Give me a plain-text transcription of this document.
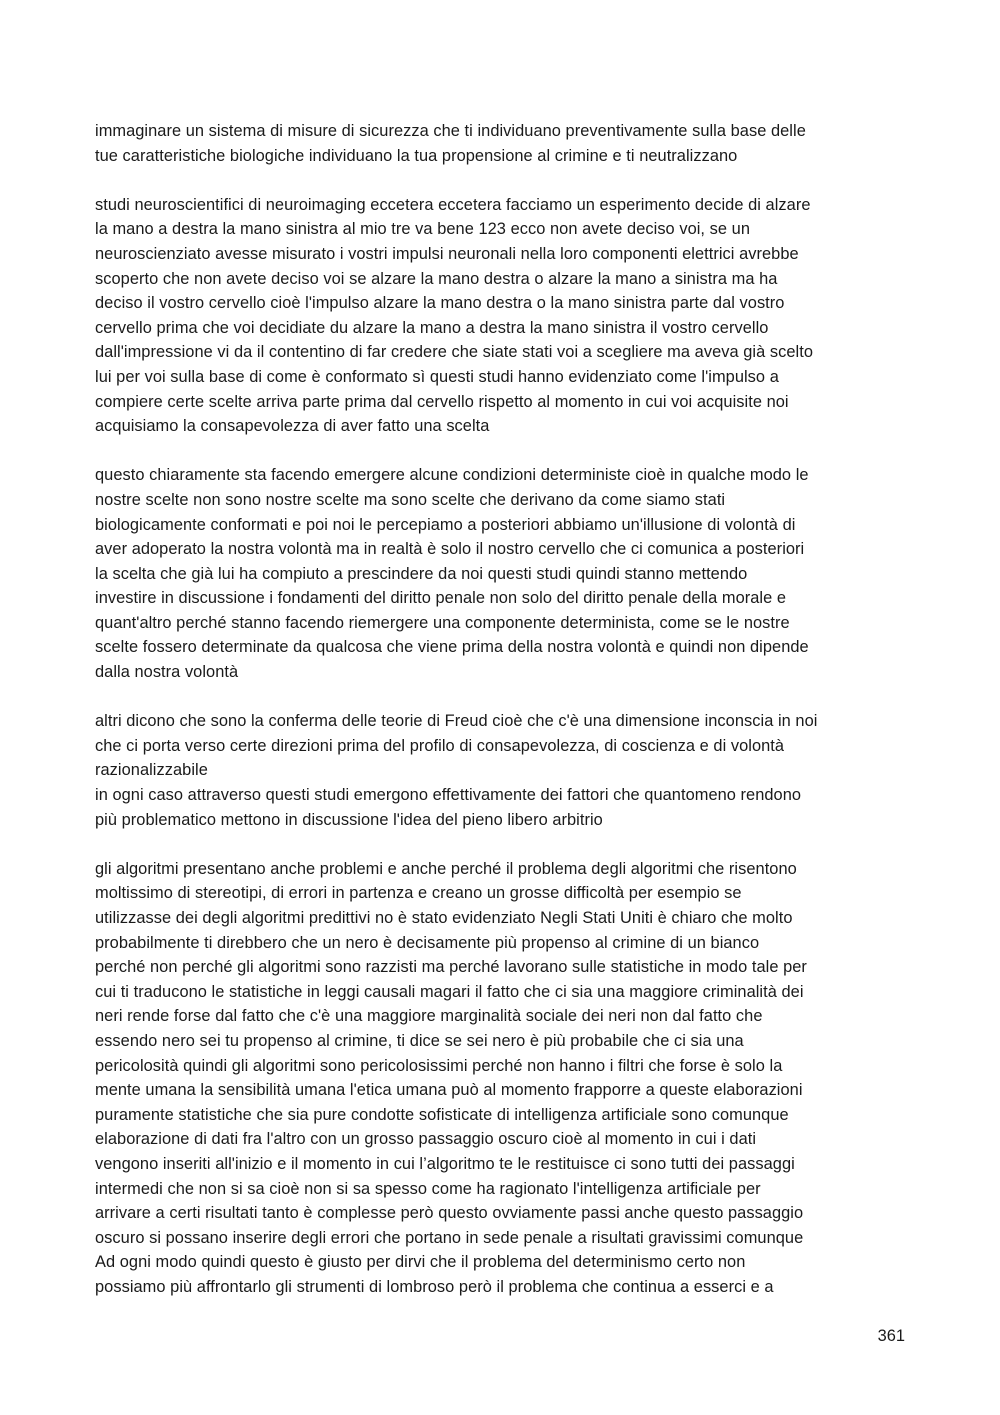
immaginare un sistema di misure di sicurezza che ti individuano preventivamente sulla base delle
tue caratteristiche biologiche individuano la tua propensione al crimine e ti neutralizzano
studi neuroscientifici di neuroimaging eccetera eccetera facciamo un esperimento decide di alzare
la mano a destra la mano sinistra al mio tre va bene 123 ecco non avete deciso voi, se un
neuroscienziato avesse misurato i vostri impulsi neuronali nella loro componenti elettrici avrebbe
scoperto che non avete deciso voi se alzare la mano destra o alzare la mano a sinistra ma ha
deciso il vostro cervello cioè l'impulso alzare la mano destra o la mano sinistra parte dal vostro
cervello prima che voi decidiate du alzare la mano a destra la mano sinistra il vostro cervello
dall'impressione vi da il contentino di far credere che siate stati voi a scegliere ma aveva già scelto
lui per voi sulla base di come è conformato sì questi studi hanno evidenziato come l'impulso a
compiere certe scelte arriva parte prima dal cervello rispetto al momento in cui voi acquisite noi
acquisiamo la consapevolezza di aver fatto una scelta
questo chiaramente sta facendo emergere alcune condizioni deterministe cioè in qualche modo le
nostre scelte non sono nostre scelte ma sono scelte che derivano da come siamo stati
biologicamente conformati e poi noi le percepiamo a posteriori abbiamo un'illusione di volontà di
aver adoperato la nostra volontà ma in realtà è solo il nostro cervello che ci comunica a posteriori
la scelta che già lui ha compiuto a prescindere da noi questi studi quindi stanno mettendo
investire in discussione i fondamenti del diritto penale non solo del diritto penale della morale e
quant'altro perché stanno facendo riemergere una componente determinista, come se le nostre
scelte fossero determinate da qualcosa che viene prima della nostra volontà e quindi non dipende
dalla nostra volontà
altri dicono che sono la conferma delle teorie di Freud cioè che c'è una dimensione inconscia in noi
che ci porta verso certe direzioni prima del profilo di consapevolezza, di coscienza e di volontà
razionalizzabile
in ogni caso attraverso questi studi emergono effettivamente dei fattori che quantomeno rendono
più problematico mettono in discussione l'idea del pieno libero arbitrio
gli algoritmi presentano anche problemi e anche perché il problema degli algoritmi che risentono
moltissimo di stereotipi, di errori in partenza e creano un grosse difficoltà per esempio se
utilizzasse dei degli algoritmi predittivi no è stato evidenziato Negli Stati Uniti è chiaro che molto
probabilmente ti direbbero che un nero è decisamente più propenso al crimine di un bianco
perché non perché gli algoritmi sono razzisti ma perché lavorano sulle statistiche in modo tale per
cui ti traducono le statistiche in leggi causali magari il fatto che ci sia una maggiore criminalità dei
neri rende forse dal fatto che c'è una maggiore marginalità sociale dei neri non dal fatto che
essendo nero sei tu propenso al crimine, ti dice se sei nero è più probabile che ci sia una
pericolosità quindi gli algoritmi sono pericolosissimi perché non hanno i filtri che forse è solo la
mente umana la sensibilità umana l'etica umana può al momento frapporre a queste elaborazioni
puramente statistiche che sia pure condotte sofisticate di intelligenza artificiale sono comunque
elaborazione di dati fra l'altro con un grosso passaggio oscuro cioè al momento in cui i dati
vengono inseriti all'inizio e il momento in cui l’algoritmo te le restituisce ci sono tutti dei passaggi
intermedi che non si sa cioè non si sa spesso come ha ragionato l'intelligenza artificiale per
arrivare a certi risultati tanto è complesse però questo ovviamente passi anche questo passaggio
oscuro si possano inserire degli errori che portano in sede penale a risultati gravissimi comunque
Ad ogni modo quindi questo è giusto per dirvi che il problema del determinismo certo non
possiamo più affrontarlo gli strumenti di lombroso però il problema che continua a esserci e a
361
